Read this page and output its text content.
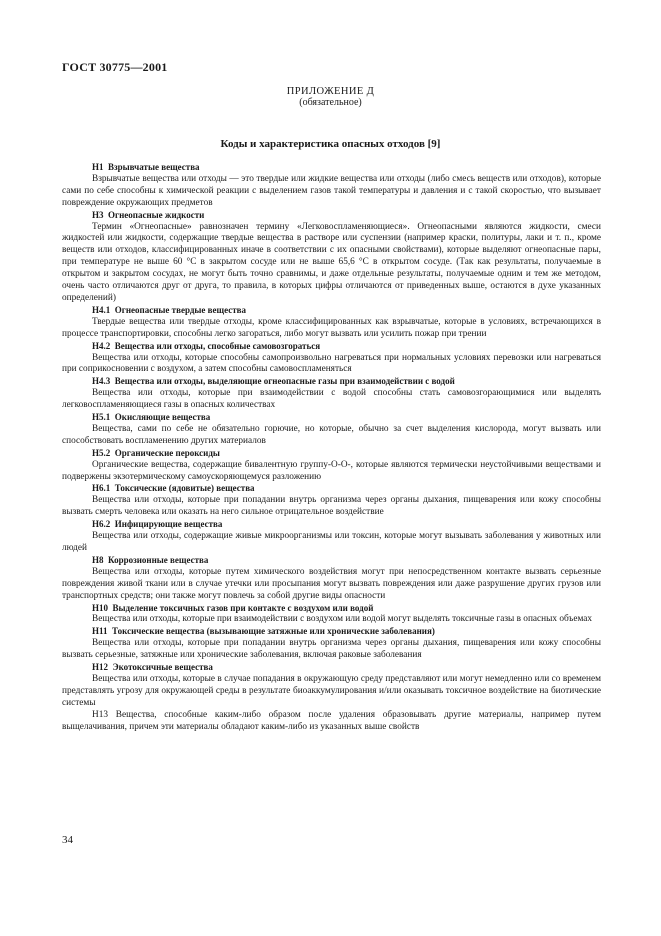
ГОСТ 30775—2001
ПРИЛОЖЕНИЕ Д
(обязательное)
Коды и характеристика опасных отходов [9]

Н1 Взрывчатые вещества

Взрывчатые вещества или отходы — это твердые или жидкие вещества или отходы (либо смесь веществ или отходов), которые сами по себе способны к химической реакции с выделением газов такой температуры и давления и с такой скоростью, что вызывает повреждение окружающих предметов

Н3 Огнеопасные жидкости

Термин «Огнеопасные» равнозначен термину «Легковоспламеняющиеся». Огнеопасными являются жидкости, смеси жидкостей или жидкости, содержащие твердые вещества в растворе или суспензии (например краски, политуры, лаки и т. п., кроме веществ или отходов, классифицированных иначе в соответствии с их опасными свойствами), которые выделяют огнеопасные пары, при температуре не выше 60 °С в закрытом сосуде или не выше 65,6 °С в открытом сосуде. (Так как результаты, получаемые в открытом и закрытом сосудах, не могут быть точно сравнимы, и даже отдельные результаты, получаемые одним и тем же методом, очень часто отличаются друг от друга, то правила, в которых цифры отличаются от приведенных выше, остаются в духе указанных определений)

Н4.1 Огнеопасные твердые вещества

Твердые вещества или твердые отходы, кроме классифицированных как взрывчатые, которые в условиях, встречающихся в процессе транспортировки, способны легко загораться, либо могут вызвать или усилить пожар при трении

Н4.2 Вещества или отходы, способные самовозгораться

Вещества или отходы, которые способны самопроизвольно нагреваться при нормальных условиях перевозки или нагреваться при соприкосновении с воздухом, а затем способны самовоспламеняться

Н4.3 Вещества или отходы, выделяющие огнеопасные газы при взаимодействии с водой

Вещества или отходы, которые при взаимодействии с водой способны стать самовозгорающимися или выделять легковоспламеняющиеся газы в опасных количествах

Н5.1 Окисляющие вещества

Вещества, сами по себе не обязательно горючие, но которые, обычно за счет выделения кислорода, могут вызвать или способствовать воспламенению других материалов

Н5.2 Органические пероксиды

Органические вещества, содержащие бивалентную группу-О-О-, которые являются термически неустойчивыми веществами и подвержены экзотермическому самоускоряющемуся разложению

Н6.1 Токсические (ядовитые) вещества

Вещества или отходы, которые при попадании внутрь организма через органы дыхания, пищеварения или кожу способны вызвать смерть человека или оказать на него сильное отрицательное воздействие

Н6.2 Инфицирующие вещества

Вещества или отходы, содержащие живые микроорганизмы или токсин, которые могут вызывать заболевания у животных или людей

Н8 Коррозионные вещества

Вещества или отходы, которые путем химического воздействия могут при непосредственном контакте вызвать серьезные повреждения живой ткани или в случае утечки или просыпания могут вызвать повреждения или даже разрушение других грузов или транспортных средств; они также могут повлечь за собой другие виды опасности

Н10 Выделение токсичных газов при контакте с воздухом или водой

Вещества или отходы, которые при взаимодействии с воздухом или водой могут выделять токсичные газы в опасных объемах

Н11 Токсические вещества (вызывающие затяжные или хронические заболевания)

Вещества или отходы, которые при попадании внутрь организма через органы дыхания, пищеварения или кожу способны вызвать серьезные, затяжные или хронические заболевания, включая раковые заболевания

Н12 Экотоксичные вещества

Вещества или отходы, которые в случае попадания в окружающую среду представляют или могут немедленно или со временем представлять угрозу для окружающей среды в результате биоаккумулирования и/или оказывать токсичное воздействие на биотические системы

Н13 Вещества, способные каким-либо образом после удаления образовывать другие материалы, например путем выщелачивания, причем эти материалы обладают каким-либо из указанных выше свойств

34
